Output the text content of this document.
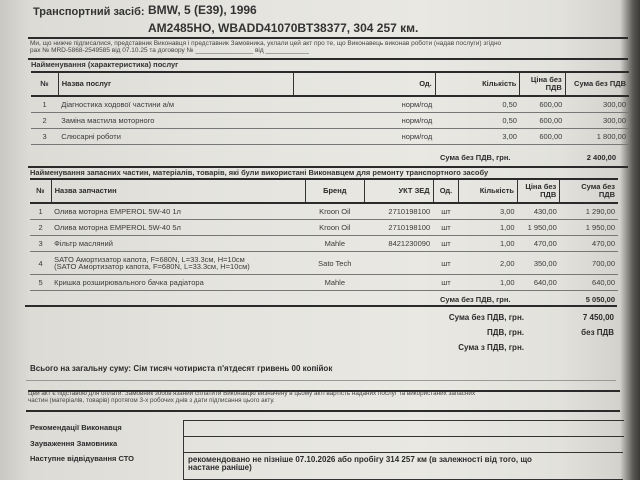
Транспортний засіб: BMW, 5 (E39), 1996
AM2485HO, WBADD41070BT38377, 304 257 км.
Ми, що нижче підписалися, представник Виконавця і представник Замовника, уклали цей акт про те, що Виконавець виконав роботи (надав послуги) згідно
рах № MRD-5868-2549585 від 07.10.25 та договору № ________________ від ____________
Найменування (характеристика) послуг
№	Назва послуг	Од.	Кількість	Ціна без ПДВ	Сума без ПДВ
1	Діагностика ходової частини а/м	норм/год	0,50	600,00	300,00
2	Заміна мастила моторного	норм/год	0,50	600,00	300,00
3	Слюсарні роботи	норм/год	3,00	600,00	1 800,00
Сума без ПДВ, грн.	2 400,00
Найменування запасних частин, матеріалів, товарів, які були використані Виконавцем для ремонту транспортного засобу
№	Назва запчастин	Бренд	УКТ ЗЕД	Од.	Кількість	Ціна без ПДВ	Сума без ПДВ
1	Олива моторна EMPEROL 5W-40 1л	Kroon Oil	2710198100	шт	3,00	430,00	1 290,00
2	Олива моторна EMPEROL 5W-40 5л	Kroon Oil	2710198100	шт	1,00	1 950,00	1 950,00
3	Фільтр масляний	Mahle	8421230090	шт	1,00	470,00	470,00
4	SATO Амортизатор капота, F=680N, L=33.3см, H=10см
(SATO Амортизатор капота, F=680N, L=33.3см, H=10см)	Sato Tech		шт	2,00	350,00	700,00
5	Кришка розширювального бачка радіатора	Mahle		шт	1,00	640,00	640,00
Сума без ПДВ, грн.	5 050,00
Сума без ПДВ, грн.	7 450,00
ПДВ, грн.	без ПДВ
Сума з ПДВ, грн.
Всього на загальну суму: Сім тисяч чотириста п'ятдесят гривень 00 копійок
Цей акт є підставою для оплати. Замовник зобов'язаний сплатити Виконавцю визначену в цьому акті вартість наданих послуг та використаних запасних
частин (матеріалів, товарів) протягом 3-х робочих днів з дати підписання цього акту.
Рекомендації Виконавця
Зауваження Замовника
Наступне відвідування СТО	рекомендовано не пізніше 07.10.2026 або пробігу 314 257 км (в залежності від того, що
настане раніше)
